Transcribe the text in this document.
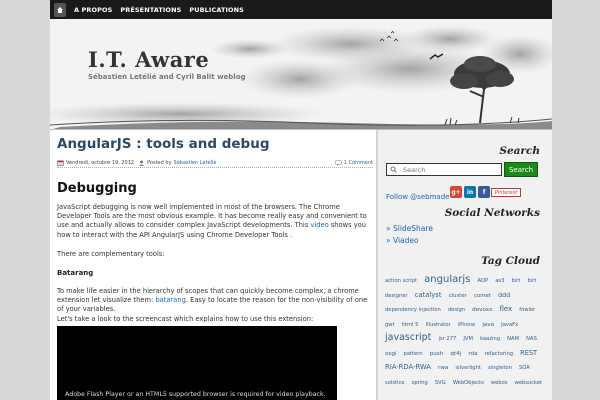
A PROPOS PRÉSENTATIONS PUBLICATIONS
I.T. Aware
Sébastien Letélié and Cyril Balit weblog
AngularJS : tools and debug
Vendredi, octobre 19, 2012	Posted by Sébastien Letélié	1 Comment
Debugging
JavaScript debugging is now well implemented in most of the browsers. The Chrome Developer Tools are the most obvious example. It has become really easy and convenient to use and actually allows to consider complex JavaScript developments. This video shows you how to interact with the API AngularJS using Chrome Developer Tools .
There are complementary tools:
Batarang
To make life easier in the hierarchy of scopes that can quickly become complex, a chrome extension let visualize them: batarang. Easy to locate the reason for the non-visibility of one of your variables.
Let's take a look to the screencast which explains how to use this extension:
Adobe Flash Player or an HTML5 supported browser is required for video playback.
Search
Search
Search
Follow @sebmade
g+	in	f	Pinterest
Social Networks
» SlideShare
» Viadeo
Tag Cloud
action script angularjs AOP as3 birt birt designer catalyst cluster comet ddd dependency injection design devoxx flex fowler gwt html 5 Illustrator iPhone java JavaFx javascript jsr 277 JVM kaazing NAM NAS osgi pattern push qt4j rda refactoring REST RIA-RDA-RWA rwa silverlight singleton SOA solstice spring SVG WebObjects webos websocket
